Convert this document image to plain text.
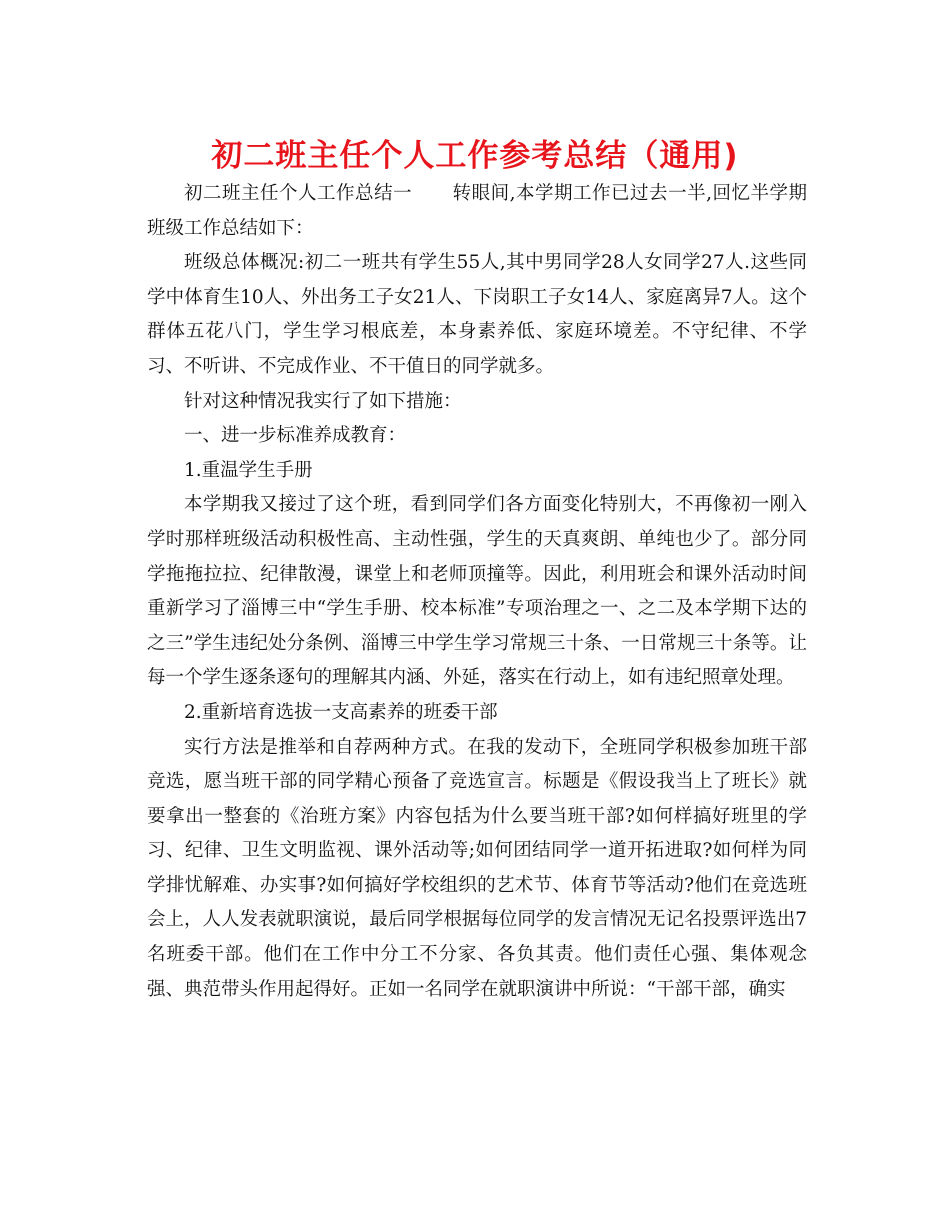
初二班主任个人工作参考总结（通用)

初二班主任个人工作总结一 转眼间,本学期工作已过去一半,回忆半学期班级工作总结如下：

班级总体概况:初二一班共有学生55人,其中男同学28人女同学27人.这些同学中体育生10人、外出务工子女21人、下岗职工子女14人、家庭离异7人。这个群体五花八门，学生学习根底差，本身素养低、家庭环境差。不守纪律、不学习、不听讲、不完成作业、不干值日的同学就多。

针对这种情况我实行了如下措施：

一、进一步标准养成教育：

1.重温学生手册

本学期我又接过了这个班，看到同学们各方面变化特别大，不再像初一刚入学时那样班级活动积极性高、主动性强，学生的天真爽朗、单纯也少了。部分同学拖拖拉拉、纪律散漫，课堂上和老师顶撞等。因此，利用班会和课外活动时间重新学习了淄博三中“学生手册、校本标准”专项治理之一、之二及本学期下达的之三”学生违纪处分条例、淄博三中学生学习常规三十条、一日常规三十条等。让每一个学生逐条逐句的理解其内涵、外延，落实在行动上，如有违纪照章处理。

2.重新培育选拔一支高素养的班委干部

实行方法是推举和自荐两种方式。在我的发动下，全班同学积极参加班干部竞选，愿当班干部的同学精心预备了竞选宣言。标题是《假设我当上了班长》就要拿出一整套的《治班方案》内容包括为什么要当班干部?如何样搞好班里的学习、纪律、卫生文明监视、课外活动等;如何团结同学一道开拓进取?如何样为同学排忧解难、办实事?如何搞好学校组织的艺术节、体育节等活动?他们在竞选班会上，人人发表就职演说，最后同学根据每位同学的发言情况无记名投票评选出7名班委干部。他们在工作中分工不分家、各负其责。他们责任心强、集体观念强、典范带头作用起得好。正如一名同学在就职演讲中所说：“干部干部，确实
